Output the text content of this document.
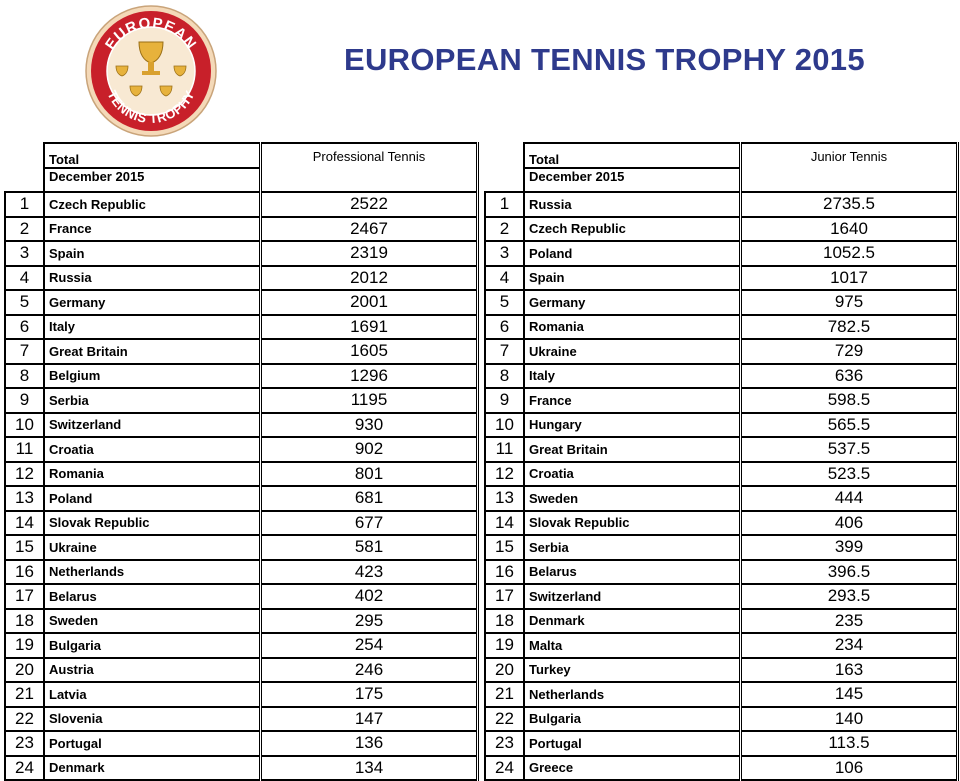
EUROPEAN
TENNIS TROPHY
EUROPEAN TENNIS TROPHY 2015
	Total	Professional Tennis
	December 2015	
1	Czech Republic	2522
2	France	2467
3	Spain	2319
4	Russia	2012
5	Germany	2001
6	Italy	1691
7	Great Britain	1605
8	Belgium	1296
9	Serbia	1195
10	Switzerland	930
11	Croatia	902
12	Romania	801
13	Poland	681
14	Slovak Republic	677
15	Ukraine	581
16	Netherlands	423
17	Belarus	402
18	Sweden	295
19	Bulgaria	254
20	Austria	246
21	Latvia	175
22	Slovenia	147
23	Portugal	136
24	Denmark	134
	Total	Junior Tennis
	December 2015	
1	Russia	2735.5
2	Czech Republic	1640
3	Poland	1052.5
4	Spain	1017
5	Germany	975
6	Romania	782.5
7	Ukraine	729
8	Italy	636
9	France	598.5
10	Hungary	565.5
11	Great Britain	537.5
12	Croatia	523.5
13	Sweden	444
14	Slovak Republic	406
15	Serbia	399
16	Belarus	396.5
17	Switzerland	293.5
18	Denmark	235
19	Malta	234
20	Turkey	163
21	Netherlands	145
22	Bulgaria	140
23	Portugal	113.5
24	Greece	106
